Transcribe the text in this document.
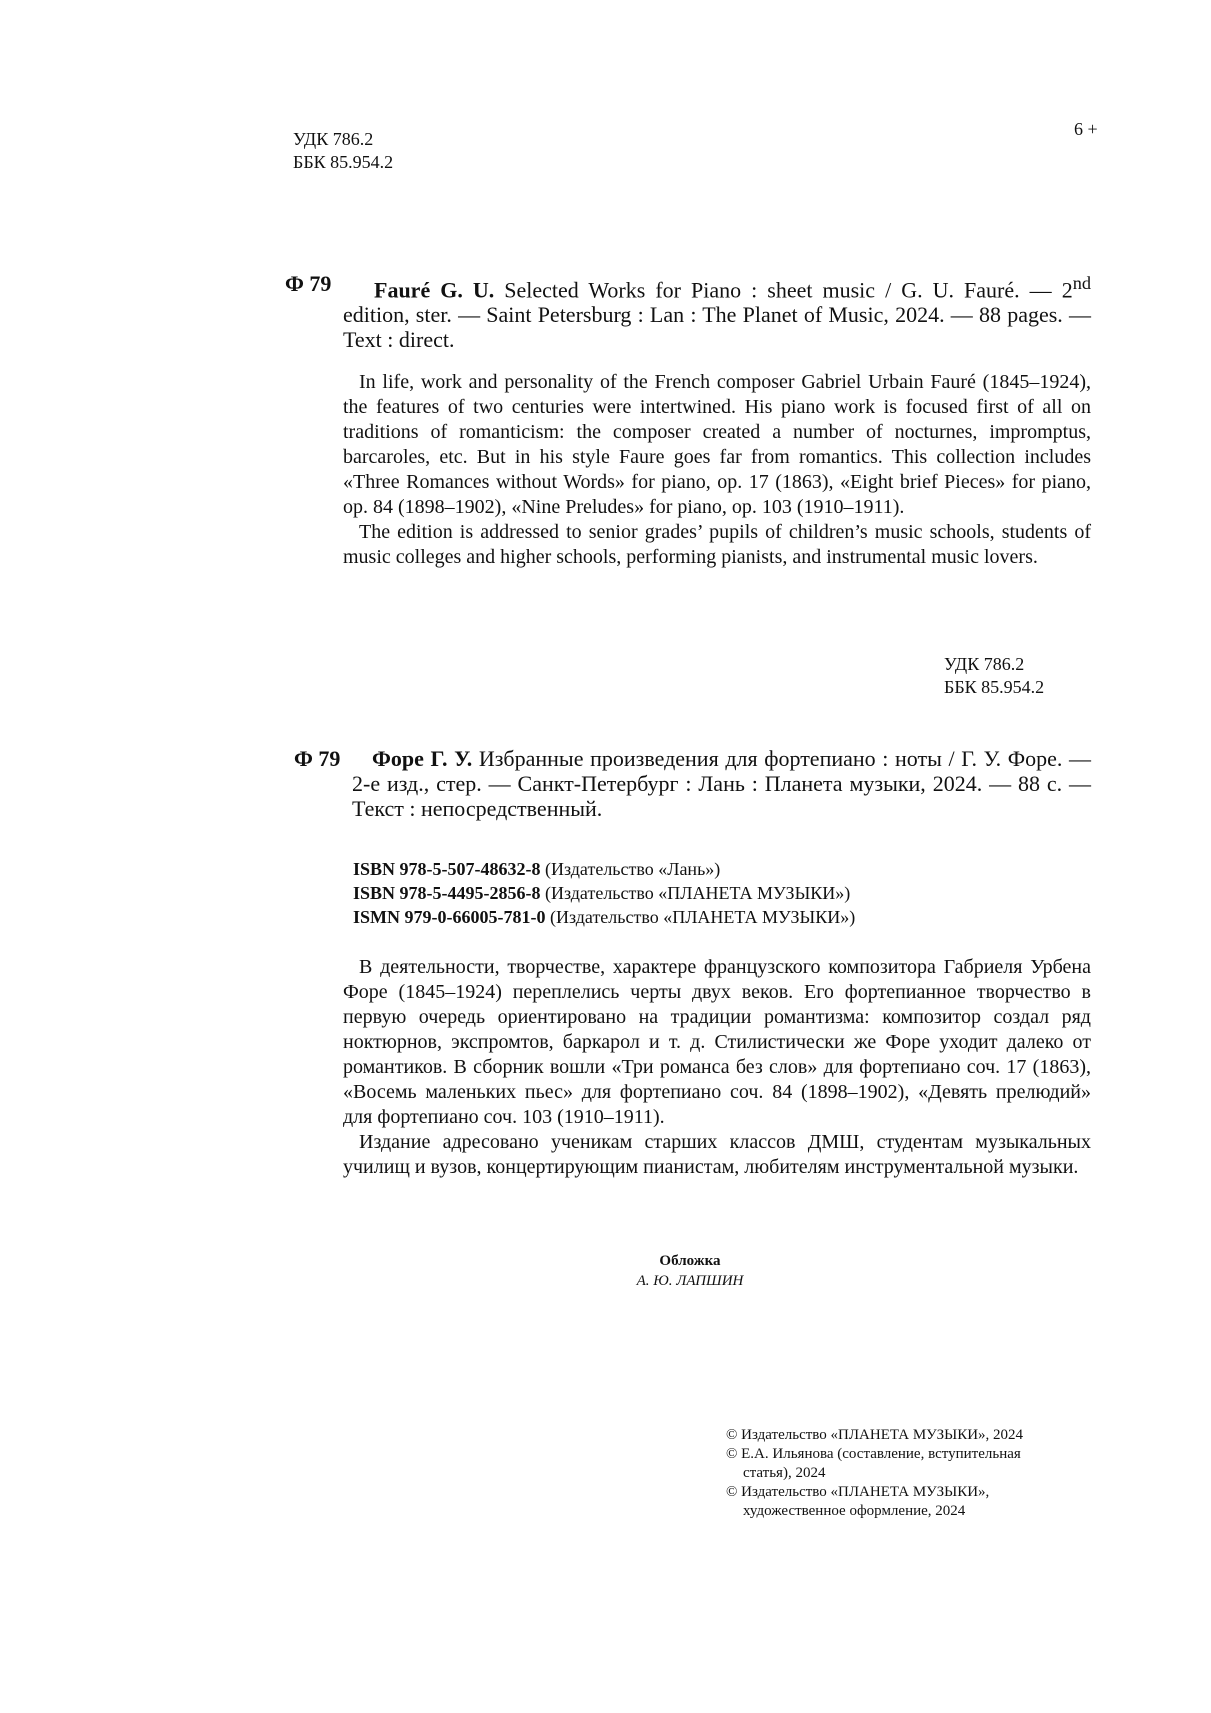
УДК 786.2
ББК 85.954.2
6 +
Ф 79	Fauré G. U. Selected Works for Piano : sheet music / G. U. Fauré. — 2nd edition, ster. — Saint Petersburg : Lan : The Planet of Music, 2024. — 88 pages. — Text : direct.

In life, work and personality of the French composer Gabriel Urbain Fauré (1845–1924), the features of two centuries were intertwined. His piano work is focused first of all on traditions of romanticism: the composer created a number of nocturnes, impromptus, barcaroles, etc. But in his style Faure goes far from romantics. This collection includes «Three Romances without Words» for piano, op. 17 (1863), «Eight brief Pieces» for piano, op. 84 (1898–1902), «Nine Preludes» for piano, op. 103 (1910–1911).

The edition is addressed to senior grades’ pupils of children’s music schools, students of music colleges and higher schools, performing pianists, and instrumental music lovers.

УДК 786.2
ББК 85.954.2
Ф 79	Форе Г. У. Избранные произведения для фортепиано : ноты / Г. У. Форе. — 2-е изд., стер. — Санкт-Петербург : Лань : Планета музыки, 2024. — 88 с. — Текст : непосредственный.
ISBN 978-5-507-48632-8 (Издательство «Лань»)
ISBN 978-5-4495-2856-8 (Издательство «ПЛАНЕТА МУЗЫКИ»)
ISMN 979-0-66005-781-0 (Издательство «ПЛАНЕТА МУЗЫКИ»)

В деятельности, творчестве, характере французского композитора Габриеля Урбена Форе (1845–1924) переплелись черты двух веков. Его фортепианное творчество в первую очередь ориентировано на традиции романтизма: композитор создал ряд ноктюрнов, экспромтов, баркарол и т. д. Стилистически же Форе уходит далеко от романтиков. В сборник вошли «Три романса без слов» для фортепиано соч. 17 (1863), «Восемь маленьких пьес» для фортепиано соч. 84 (1898–1902), «Девять прелюдий» для фортепиано соч. 103 (1910–1911).

Издание адресовано ученикам старших классов ДМШ, студентам музыкальных училищ и вузов, концертирующим пианистам, любителям инструментальной музыки.

Обложка
А. Ю. ЛАПШИН
© Издательство «ПЛАНЕТА МУЗЫКИ», 2024
© Е.А. Ильянова (составление, вступительная статья), 2024
© Издательство «ПЛАНЕТА МУЗЫКИ», художественное оформление, 2024
